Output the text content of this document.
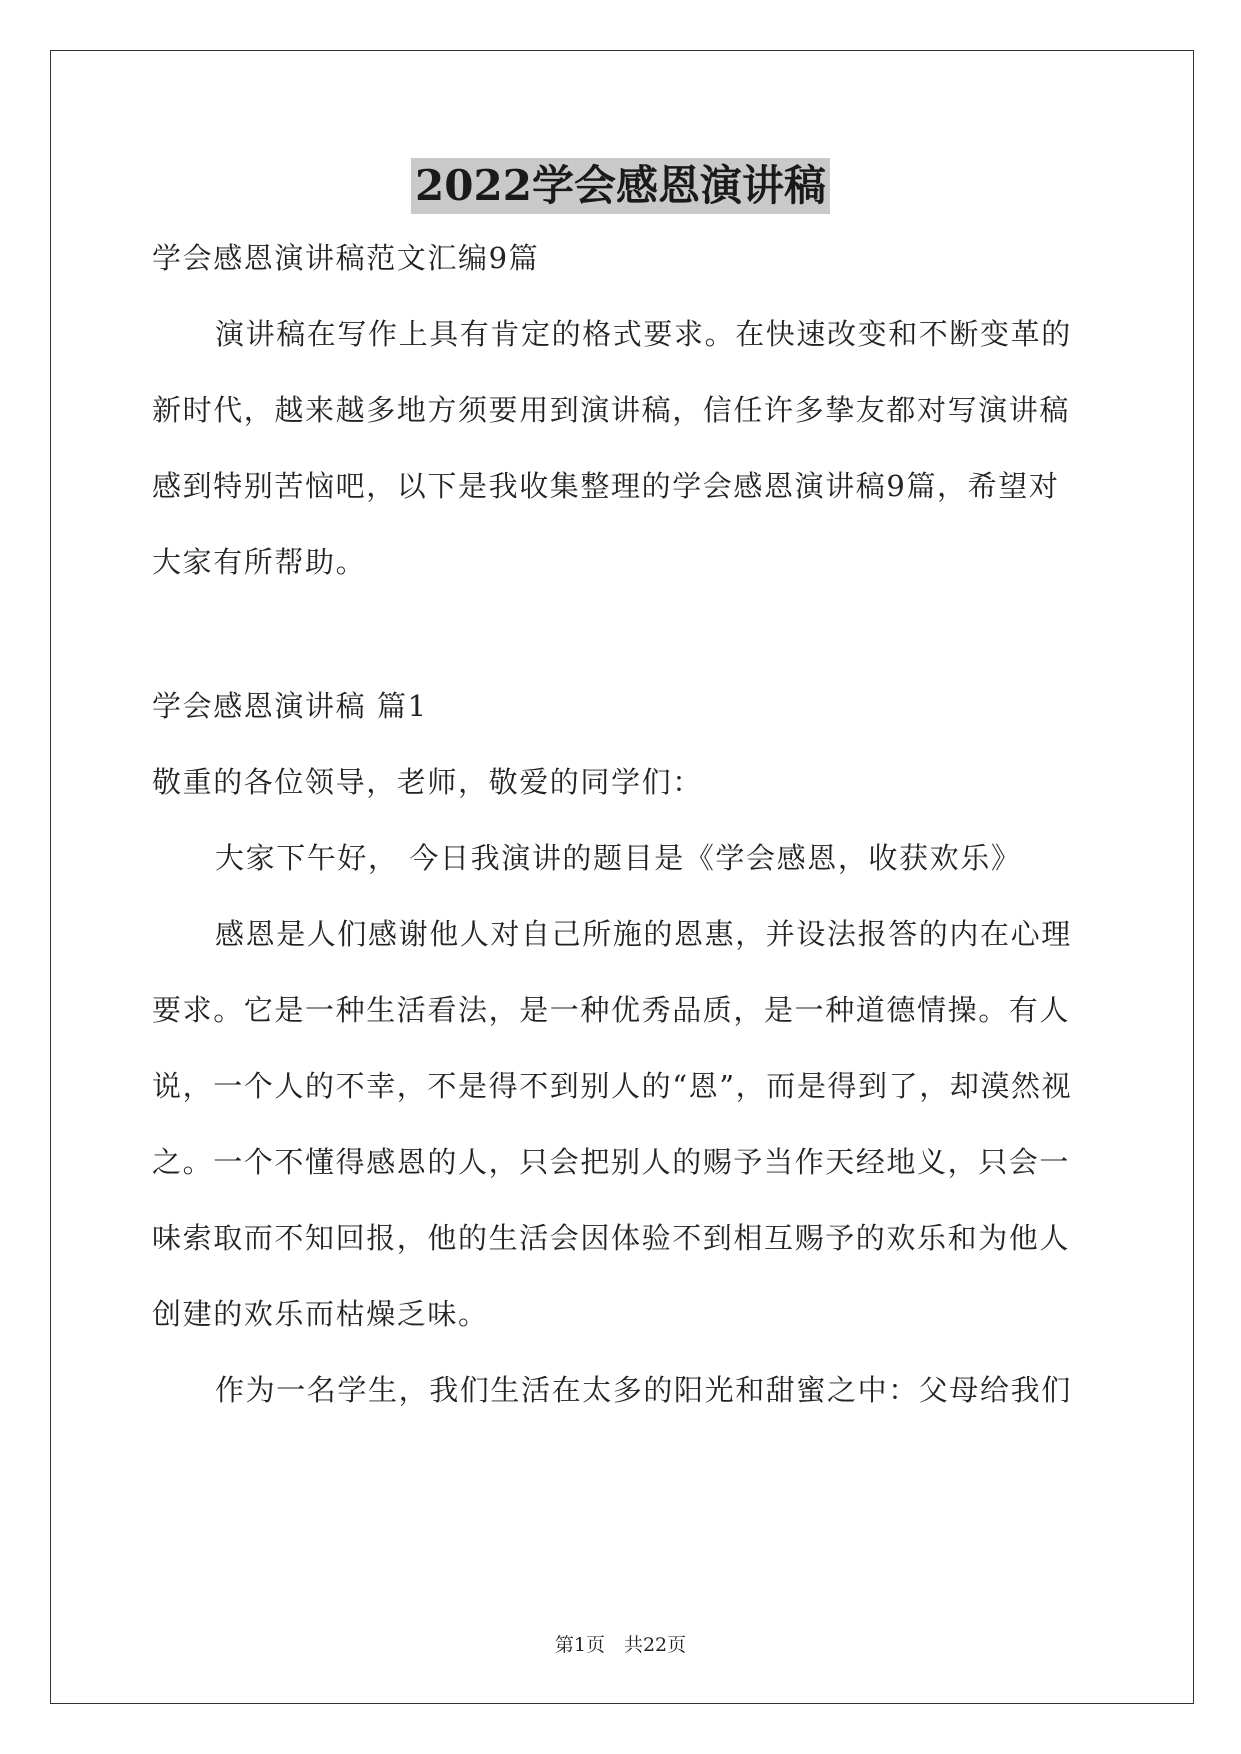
2022学会感恩演讲稿
学会感恩演讲稿范文汇编9篇
演讲稿在写作上具有肯定的格式要求。在快速改变和不断变革的
新时代，越来越多地方须要用到演讲稿，信任许多挚友都对写演讲稿
感到特别苦恼吧，以下是我收集整理的学会感恩演讲稿9篇，希望对
大家有所帮助。
学会感恩演讲稿 篇1
敬重的各位领导，老师，敬爱的同学们：
大家下午好， 今日我演讲的题目是《学会感恩，收获欢乐》
感恩是人们感谢他人对自己所施的恩惠，并设法报答的内在心理
要求。它是一种生活看法，是一种优秀品质，是一种道德情操。有人
说，一个人的不幸，不是得不到别人的“恩”，而是得到了，却漠然视
之。一个不懂得感恩的人，只会把别人的赐予当作天经地义，只会一
味索取而不知回报，他的生活会因体验不到相互赐予的欢乐和为他人
创建的欢乐而枯燥乏味。
作为一名学生，我们生活在太多的阳光和甜蜜之中：父母给我们
第1页　共22页
